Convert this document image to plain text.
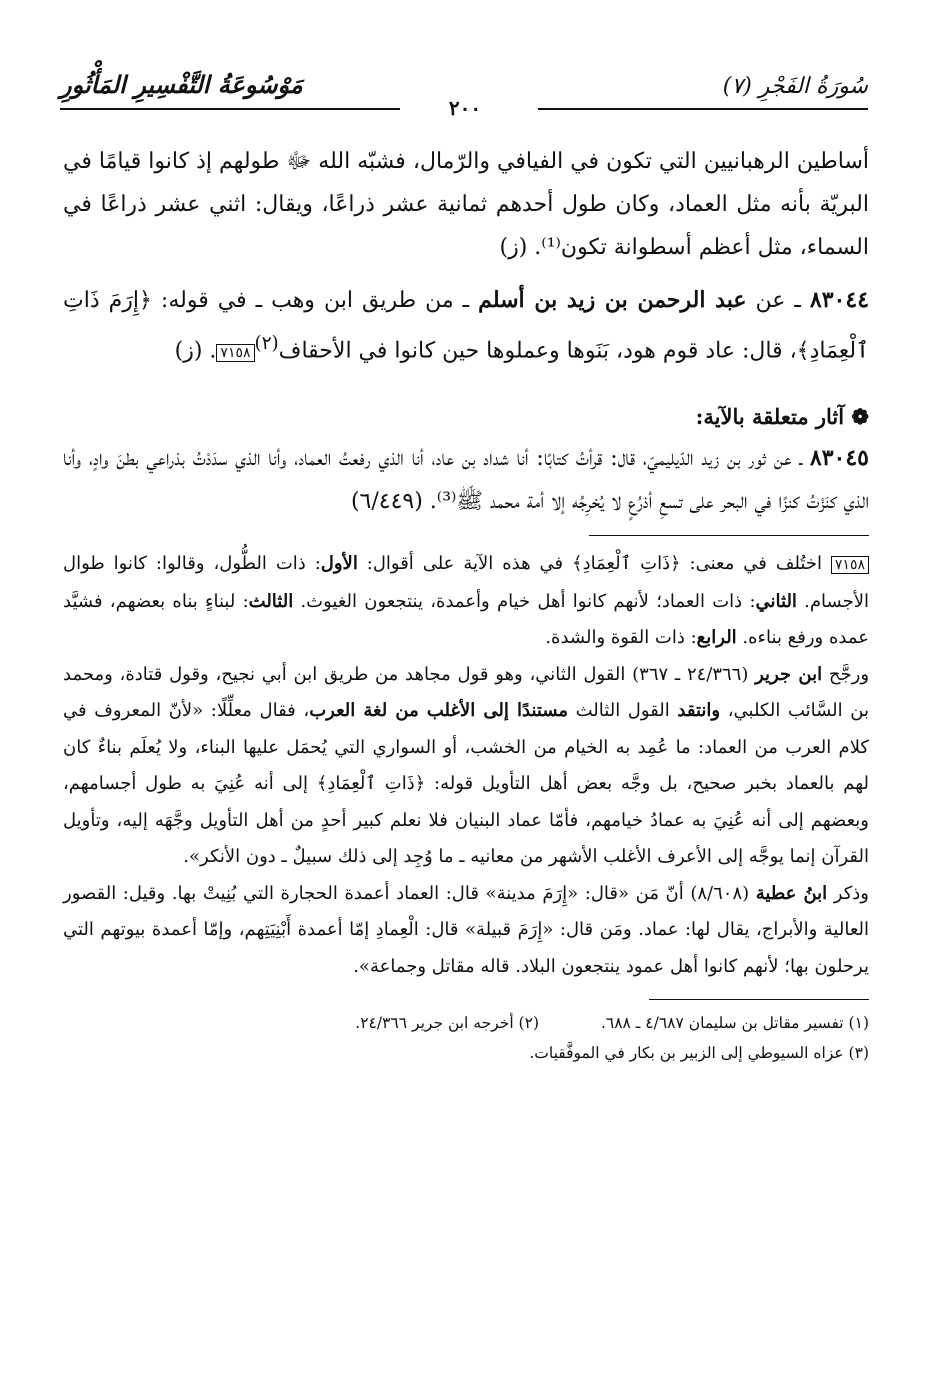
سُورَةُ الفَجْرِ (٧)
مَوْسُوعَةُ التَّفْسِيرِ المَأْثُورِ
٢٠٠

أساطين الرهبانيين التي تكون في الفيافي والرّمال، فشبّه الله ﷻ طولهم إذ كانوا قيامًا في البريّة بأنه مثل العماد، وكان طول أحدهم ثمانية عشر ذراعًا، ويقال: اثني عشر ذراعًا في السماء، مثل أعظم أسطوانة تكون⁽¹⁾. (ز)

٨٣٠٤٤ ـ عن عبد الرحمن بن زيد بن أسلم ـ من طريق ابن وهب ـ في قوله: ﴿إِرَمَ ذَاتِ ٱلْعِمَادِ﴾، قال: عاد قوم هود، بَنَوها وعملوها حين كانوا في الأحقاف$^{(٢)}$٧١٥٨. (ز)

❁ آثار متعلقة بالآية:

٨٣٠٤٥ ـ عن ثور بن زيد الدّيليميّ، قال: قرأتُ كتابًا: أنا شداد بن عاد، أنا الذي رفعتُ العماد، وأنا الذي سدَدْتُ بذراعي بطنَ وادٍ، وأنا الذي كنَزْتُ كنزًا في البحر على تسعِ أذرُعٍ لا يُخرِجُه إلا أمة محمد ﷺ⁽³⁾. (٦/٤٤٩)

٧١٥٨ اختُلف في معنى: ﴿ذَاتِ ٱلْعِمَادِ﴾ في هذه الآية على أقوال: الأول: ذات الطُّول، وقالوا: كانوا طوال الأجسام. الثاني: ذات العماد؛ لأنهم كانوا أهل خيام وأعمدة، ينتجعون الغيوث. الثالث: لبناءٍ بناه بعضهم، فشيَّد عمده ورفع بناءه. الرابع: ذات القوة والشدة.

ورجَّح ابن جرير (٢٤/٣٦٦ ـ ٣٦٧) القول الثاني، وهو قول مجاهد من طريق ابن أبي نجيح، وقول قتادة، ومحمد بن السَّائب الكلبي، وانتقد القول الثالث مستندًا إلى الأغلب من لغة العرب، فقال معلِّلًا: «لأنّ المعروف في كلام العرب من العماد: ما عُمِد به الخيام من الخشب، أو السواري التي يُحمَل عليها البناء، ولا يُعلَم بناءٌ كان لهم بالعماد بخبر صحيح، بل وجَّه بعض أهل التأويل قوله: ﴿ذَاتِ ٱلْعِمَادِ﴾ إلى أنه عُنِيَ به طول أجسامهم، وبعضهم إلى أنه عُنِيَ به عمادُ خيامهم، فأمّا عماد البنيان فلا نعلم كبير أحدٍ من أهل التأويل وجَّهَه إليه، وتأويل القرآن إنما يوجَّه إلى الأعرف الأغلب الأشهر من معانيه ـ ما وُجِد إلى ذلك سبيلٌ ـ دون الأنكر».

وذكر ابنُ عطية (٨/٦٠٨) أنّ مَن «قال: «إِرَمَ مدينة» قال: العماد أعمدة الحجارة التي بُنِيتْ بها. وقيل: القصور العالية والأبراج، يقال لها: عماد. ومَن قال: «إِرَمَ قبيلة» قال: الْعِمادِ إمّا أعمدة أَبْنِيَتِهم، وإمّا أعمدة بيوتهم التي يرحلون بها؛ لأنهم كانوا أهل عمود ينتجعون البلاد. قاله مقاتل وجماعة».

(١) تفسير مقاتل بن سليمان ٤/٦٨٧ ـ ٦٨٨.
(٢) أخرجه ابن جرير ٢٤/٣٦٦.
(٣) عزاه السيوطي إلى الزبير بن بكار في الموفَّقيات.
